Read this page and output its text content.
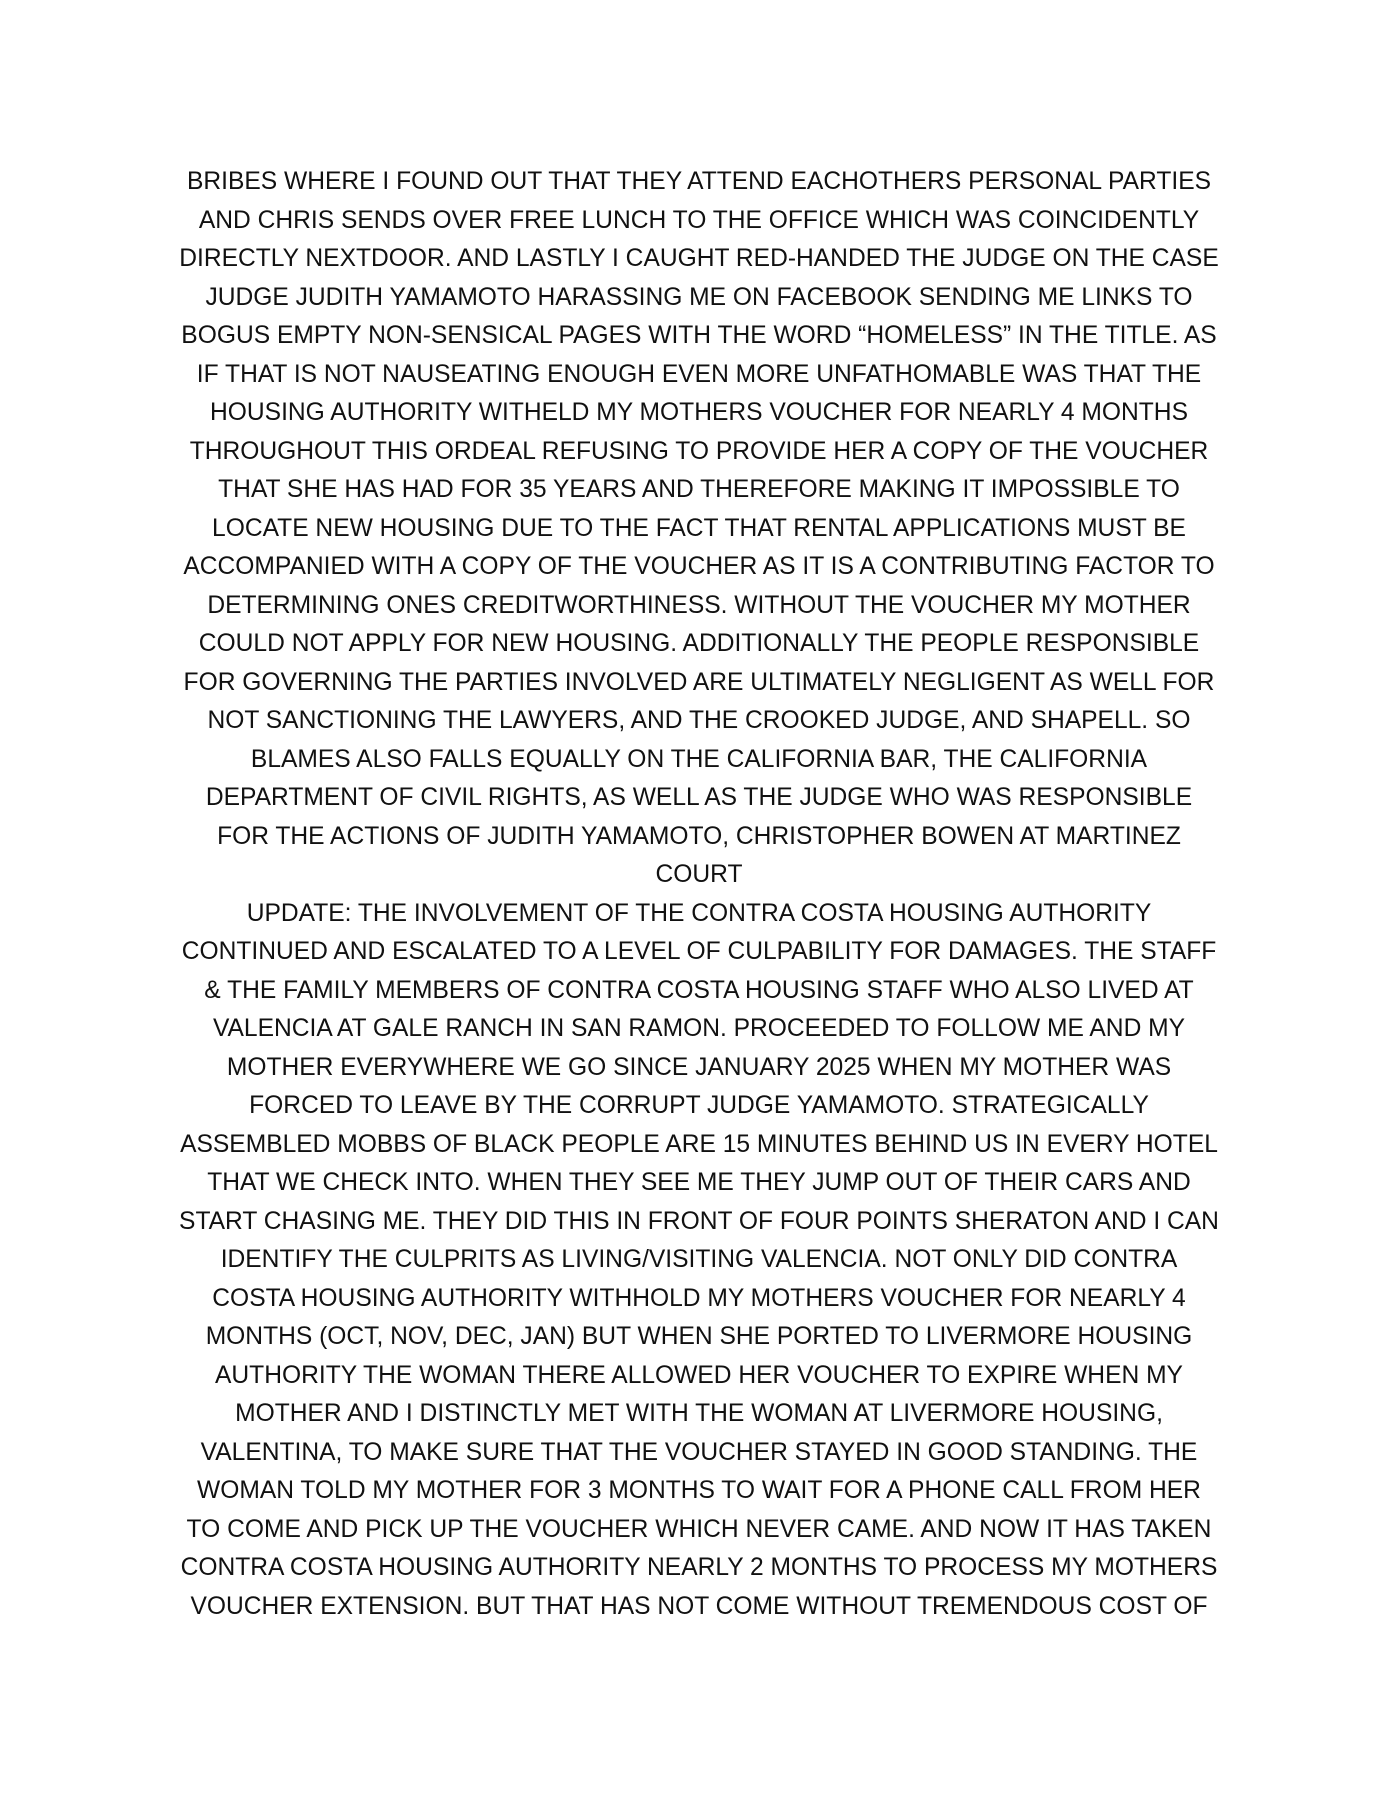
BRIBES WHERE I FOUND OUT THAT THEY ATTEND EACHOTHERS PERSONAL PARTIES
AND CHRIS SENDS OVER FREE LUNCH TO THE OFFICE WHICH WAS COINCIDENTLY
DIRECTLY NEXTDOOR. AND LASTLY I CAUGHT RED-HANDED THE JUDGE ON THE CASE
JUDGE JUDITH YAMAMOTO HARASSING ME ON FACEBOOK SENDING ME LINKS TO
BOGUS EMPTY NON-SENSICAL PAGES WITH THE WORD “HOMELESS” IN THE TITLE. AS
IF THAT IS NOT NAUSEATING ENOUGH EVEN MORE UNFATHOMABLE WAS THAT THE
HOUSING AUTHORITY WITHELD MY MOTHERS VOUCHER FOR NEARLY 4 MONTHS
THROUGHOUT THIS ORDEAL REFUSING TO PROVIDE HER A COPY OF THE VOUCHER
THAT SHE HAS HAD FOR 35 YEARS AND THEREFORE MAKING IT IMPOSSIBLE TO
LOCATE NEW HOUSING DUE TO THE FACT THAT RENTAL APPLICATIONS MUST BE
ACCOMPANIED WITH A COPY OF THE VOUCHER AS IT IS A CONTRIBUTING FACTOR TO
DETERMINING ONES CREDITWORTHINESS. WITHOUT THE VOUCHER MY MOTHER
COULD NOT APPLY FOR NEW HOUSING. ADDITIONALLY THE PEOPLE RESPONSIBLE
FOR GOVERNING THE PARTIES INVOLVED ARE ULTIMATELY NEGLIGENT AS WELL FOR
NOT SANCTIONING THE LAWYERS, AND THE CROOKED JUDGE, AND SHAPELL. SO
BLAMES ALSO FALLS EQUALLY ON THE CALIFORNIA BAR, THE CALIFORNIA
DEPARTMENT OF CIVIL RIGHTS, AS WELL AS THE JUDGE WHO WAS RESPONSIBLE
FOR THE ACTIONS OF JUDITH YAMAMOTO, CHRISTOPHER BOWEN AT MARTINEZ
COURT
UPDATE: THE INVOLVEMENT OF THE CONTRA COSTA HOUSING AUTHORITY
CONTINUED AND ESCALATED TO A LEVEL OF CULPABILITY FOR DAMAGES. THE STAFF
& THE FAMILY MEMBERS OF CONTRA COSTA HOUSING STAFF WHO ALSO LIVED AT
VALENCIA AT GALE RANCH IN SAN RAMON. PROCEEDED TO FOLLOW ME AND MY
MOTHER EVERYWHERE WE GO SINCE JANUARY 2025 WHEN MY MOTHER WAS
FORCED TO LEAVE BY THE CORRUPT JUDGE YAMAMOTO. STRATEGICALLY
ASSEMBLED MOBBS OF BLACK PEOPLE ARE 15 MINUTES BEHIND US IN EVERY HOTEL
THAT WE CHECK INTO. WHEN THEY SEE ME THEY JUMP OUT OF THEIR CARS AND
START CHASING ME. THEY DID THIS IN FRONT OF FOUR POINTS SHERATON AND I CAN
IDENTIFY THE CULPRITS AS LIVING/VISITING VALENCIA. NOT ONLY DID CONTRA
COSTA HOUSING AUTHORITY WITHHOLD MY MOTHERS VOUCHER FOR NEARLY 4
MONTHS (OCT, NOV, DEC, JAN) BUT WHEN SHE PORTED TO LIVERMORE HOUSING
AUTHORITY THE WOMAN THERE ALLOWED HER VOUCHER TO EXPIRE WHEN MY
MOTHER AND I DISTINCTLY MET WITH THE WOMAN AT LIVERMORE HOUSING,
VALENTINA, TO MAKE SURE THAT THE VOUCHER STAYED IN GOOD STANDING. THE
WOMAN TOLD MY MOTHER FOR 3 MONTHS TO WAIT FOR A PHONE CALL FROM HER
TO COME AND PICK UP THE VOUCHER WHICH NEVER CAME. AND NOW IT HAS TAKEN
CONTRA COSTA HOUSING AUTHORITY NEARLY 2 MONTHS TO PROCESS MY MOTHERS
VOUCHER EXTENSION. BUT THAT HAS NOT COME WITHOUT TREMENDOUS COST OF
